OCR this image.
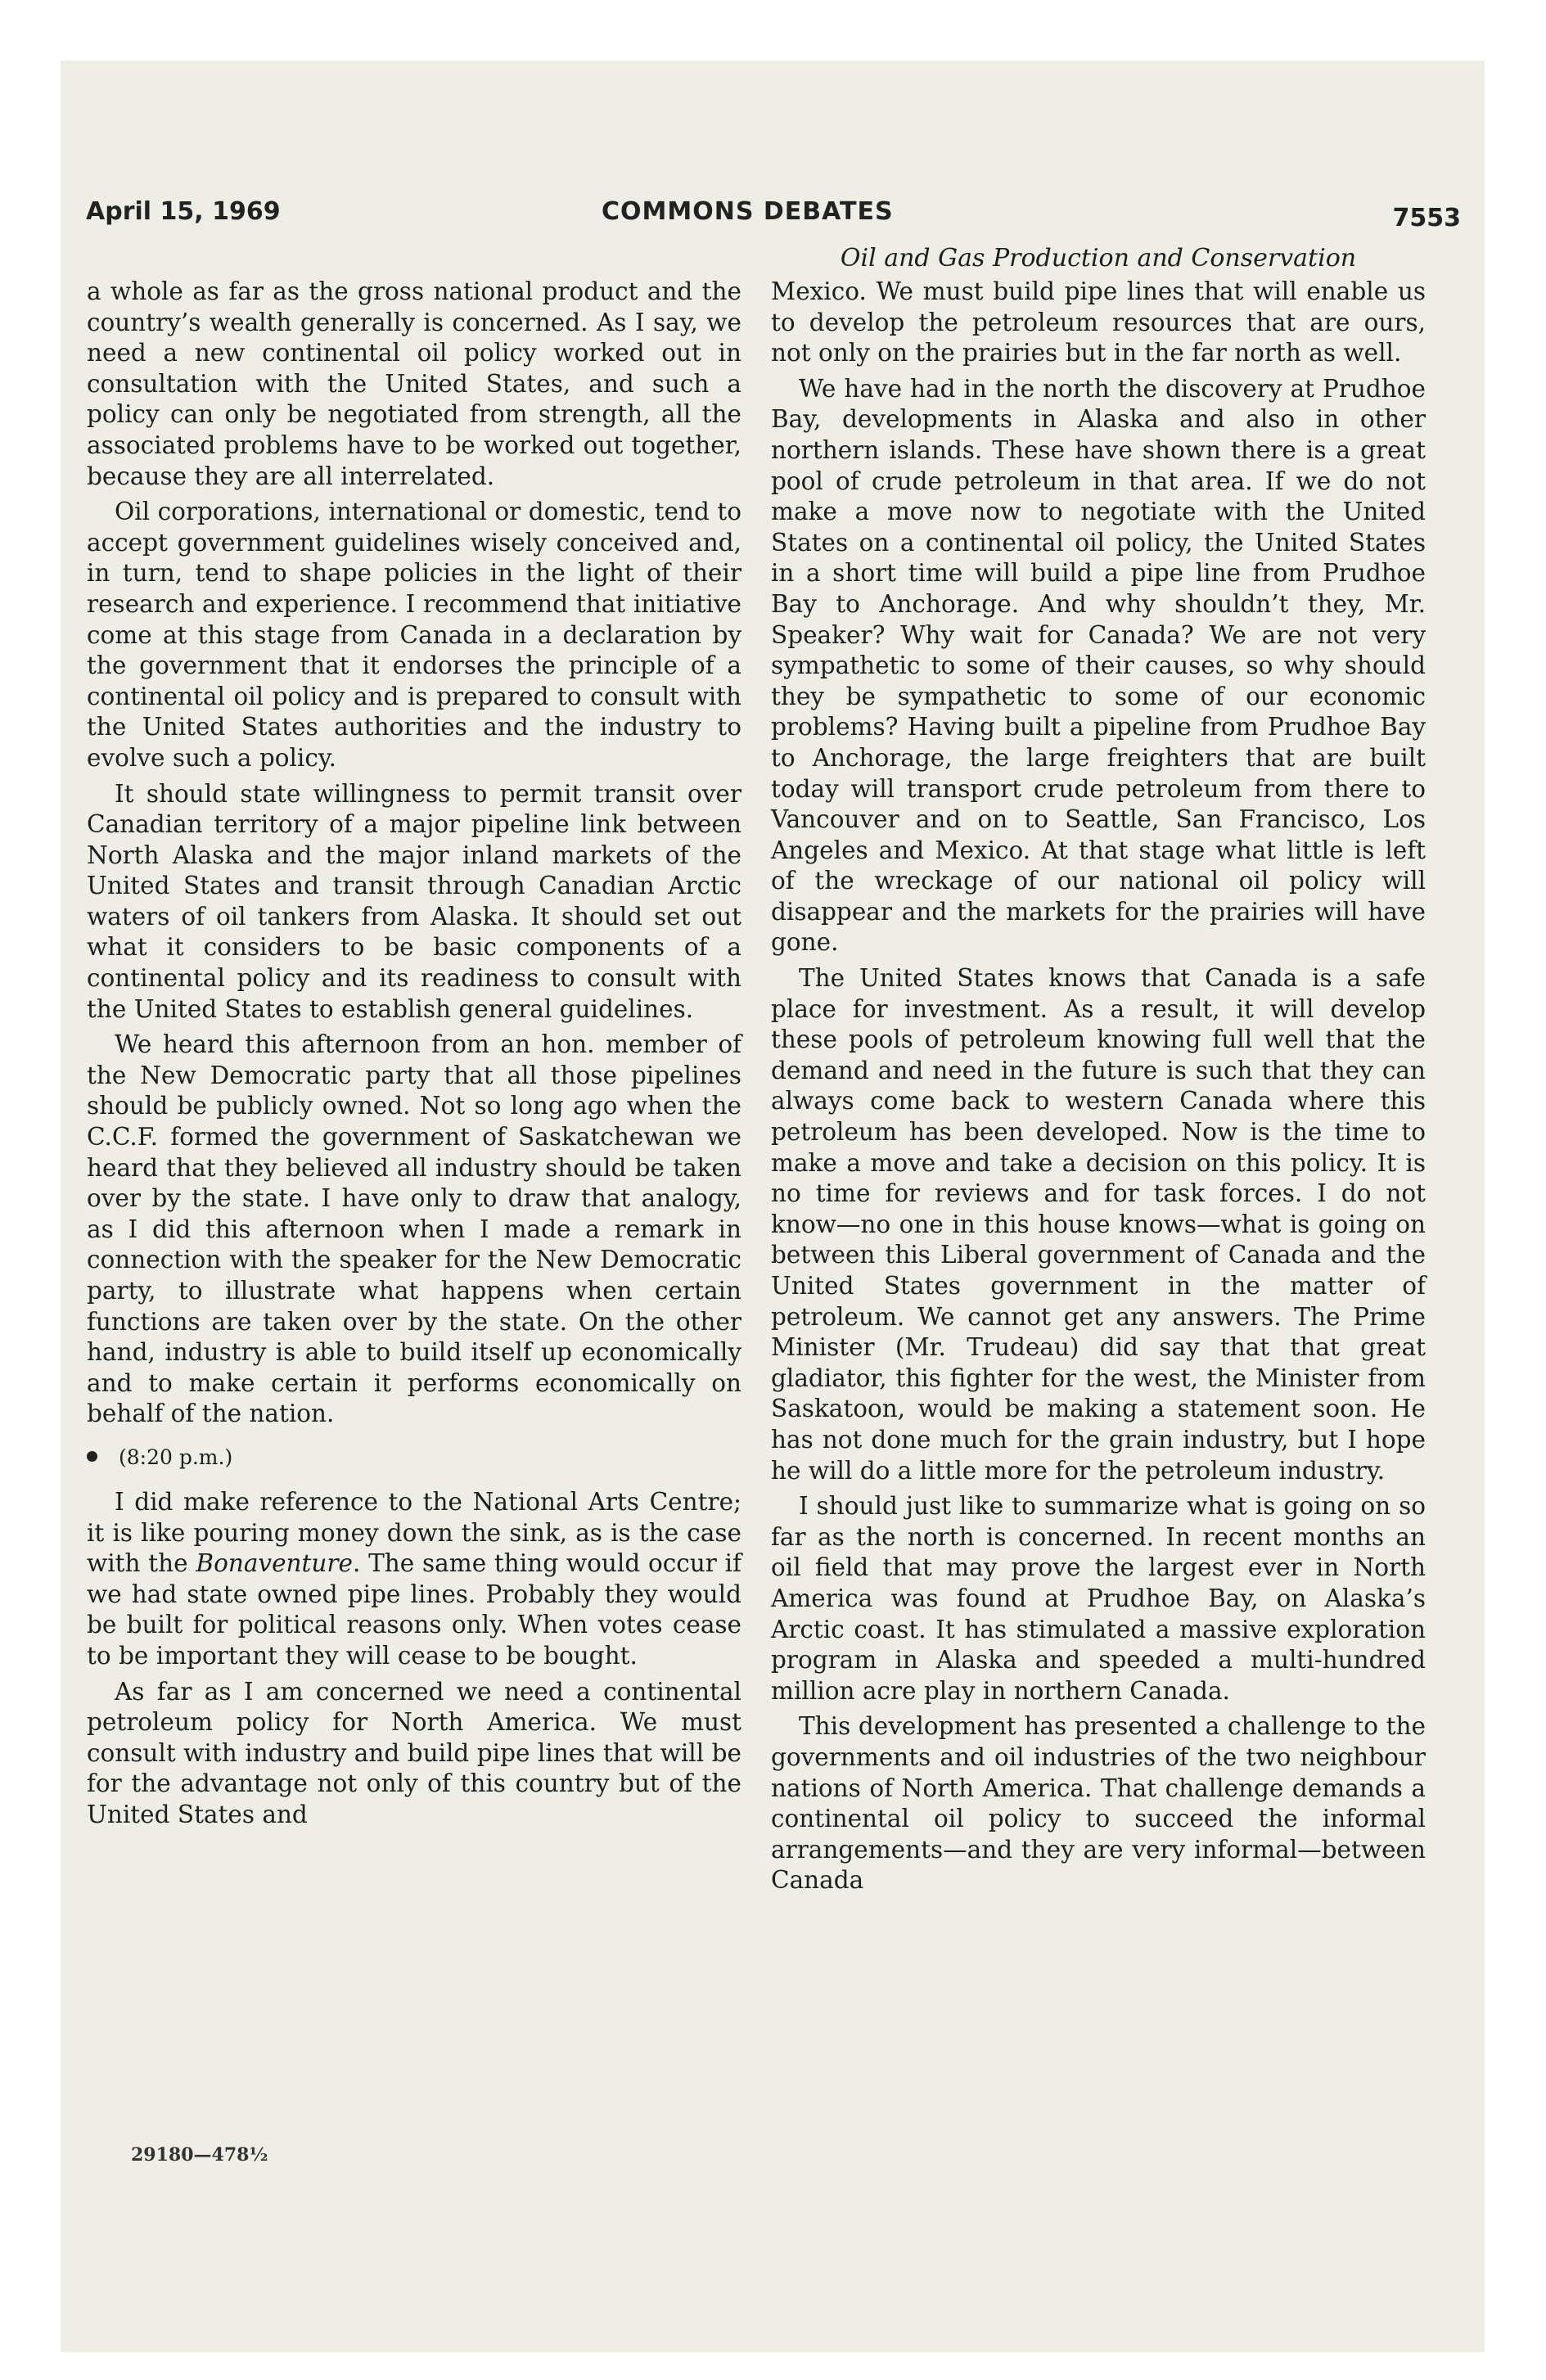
April 15, 1969	COMMONS DEBATES	7553
Oil and Gas Production and Conservation

a whole as far as the gross national product and the country’s wealth generally is concerned. As I say, we need a new continental oil policy worked out in consultation with the United States, and such a policy can only be negotiated from strength, all the associated problems have to be worked out together, because they are all interrelated.

Oil corporations, international or domestic, tend to accept government guidelines wisely conceived and, in turn, tend to shape policies in the light of their research and experience. I recommend that initiative come at this stage from Canada in a declaration by the government that it endorses the principle of a continental oil policy and is prepared to consult with the United States authorities and the industry to evolve such a policy.

It should state willingness to permit transit over Canadian territory of a major pipeline link between North Alaska and the major inland markets of the United States and transit through Canadian Arctic waters of oil tankers from Alaska. It should set out what it considers to be basic components of a continental policy and its readiness to consult with the United States to establish general guidelines.

We heard this afternoon from an hon. member of the New Democratic party that all those pipelines should be publicly owned. Not so long ago when the C.C.F. formed the government of Saskatchewan we heard that they believed all industry should be taken over by the state. I have only to draw that analogy, as I did this afternoon when I made a remark in connection with the speaker for the New Democratic party, to illustrate what happens when certain functions are taken over by the state. On the other hand, industry is able to build itself up economically and to make certain it performs economically on behalf of the nation.

(8:20 p.m.)

I did make reference to the National Arts Centre; it is like pouring money down the sink, as is the case with the Bonaventure. The same thing would occur if we had state owned pipe lines. Probably they would be built for political reasons only. When votes cease to be important they will cease to be bought.

As far as I am concerned we need a continental petroleum policy for North America. We must consult with industry and build pipe lines that will be for the advantage not only of this country but of the United States and

Mexico. We must build pipe lines that will enable us to develop the petroleum resources that are ours, not only on the prairies but in the far north as well.

We have had in the north the discovery at Prudhoe Bay, developments in Alaska and also in other northern islands. These have shown there is a great pool of crude petroleum in that area. If we do not make a move now to negotiate with the United States on a continental oil policy, the United States in a short time will build a pipe line from Prudhoe Bay to Anchorage. And why shouldn’t they, Mr. Speaker? Why wait for Canada? We are not very sympathetic to some of their causes, so why should they be sympathetic to some of our economic problems? Having built a pipeline from Prudhoe Bay to Anchorage, the large freighters that are built today will transport crude petroleum from there to Vancouver and on to Seattle, San Francisco, Los Angeles and Mexico. At that stage what little is left of the wreckage of our national oil policy will disappear and the markets for the prairies will have gone.

The United States knows that Canada is a safe place for investment. As a result, it will develop these pools of petroleum knowing full well that the demand and need in the future is such that they can always come back to western Canada where this petroleum has been developed. Now is the time to make a move and take a decision on this policy. It is no time for reviews and for task forces. I do not know—no one in this house knows—what is going on between this Liberal government of Canada and the United States government in the matter of petroleum. We cannot get any answers. The Prime Minister (Mr. Trudeau) did say that that great gladiator, this fighter for the west, the Minister from Saskatoon, would be making a statement soon. He has not done much for the grain industry, but I hope he will do a little more for the petroleum industry.

I should just like to summarize what is going on so far as the north is concerned. In recent months an oil field that may prove the largest ever in North America was found at Prudhoe Bay, on Alaska’s Arctic coast. It has stimulated a massive exploration program in Alaska and speeded a multi-hundred million acre play in northern Canada.

This development has presented a challenge to the governments and oil industries of the two neighbour nations of North America. That challenge demands a continental oil policy to succeed the informal arrangements—and they are very informal—between Canada

29180—478½
